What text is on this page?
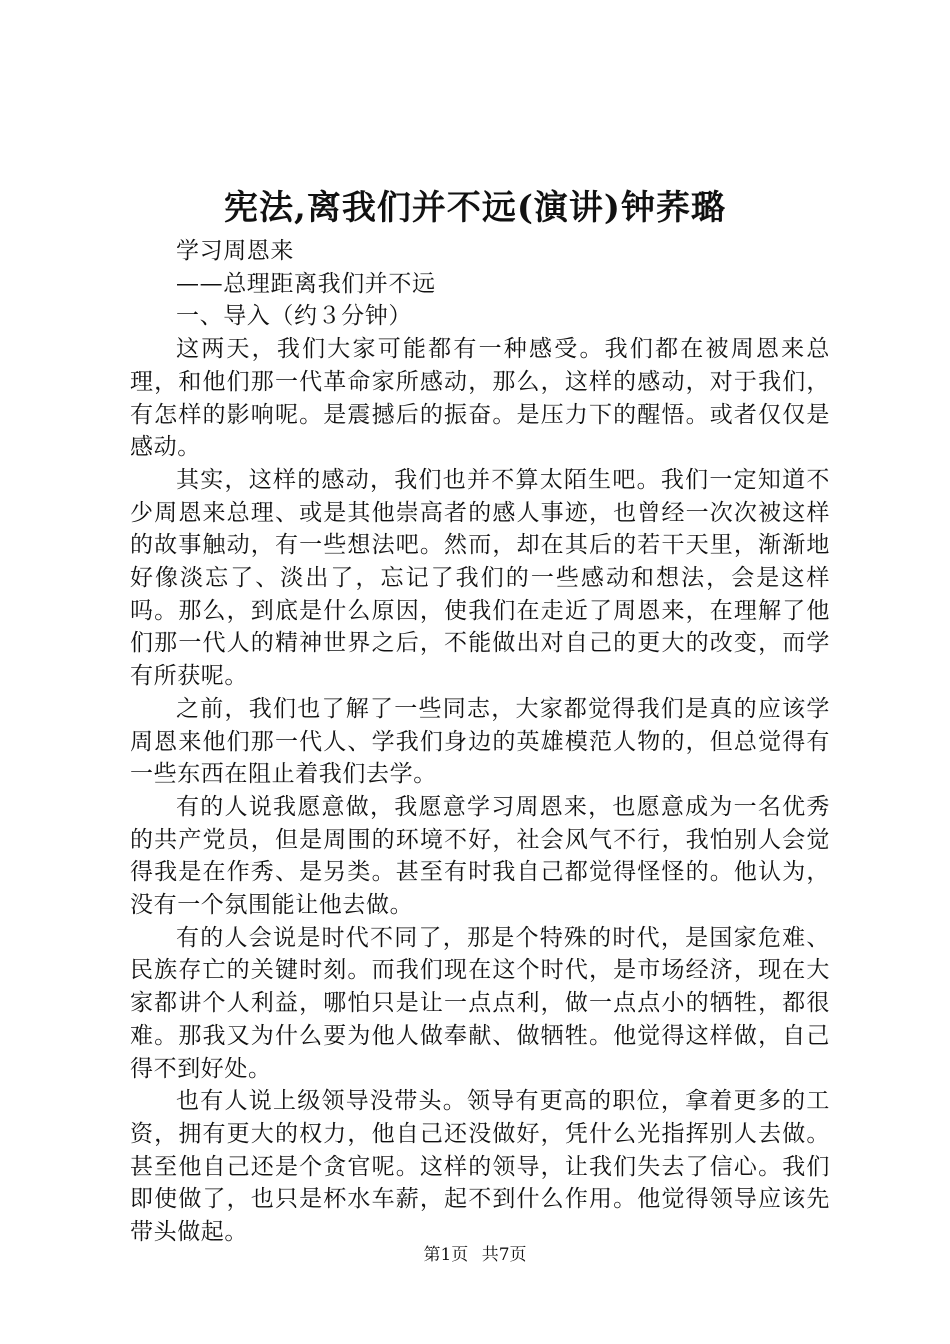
宪法,离我们并不远(演讲)钟荞璐

学习周恩来

——总理距离我们并不远

一、导入（约３分钟）

这两天，我们大家可能都有一种感受。我们都在被周恩来总理，和他们那一代革命家所感动，那么，这样的感动，对于我们，有怎样的影响呢。是震撼后的振奋。是压力下的醒悟。或者仅仅是感动。

其实，这样的感动，我们也并不算太陌生吧。我们一定知道不少周恩来总理、或是其他崇高者的感人事迹，也曾经一次次被这样的故事触动，有一些想法吧。然而，却在其后的若干天里，渐渐地好像淡忘了、淡出了，忘记了我们的一些感动和想法，会是这样吗。那么，到底是什么原因，使我们在走近了周恩来，在理解了他们那一代人的精神世界之后，不能做出对自己的更大的改变，而学有所获呢。

之前，我们也了解了一些同志，大家都觉得我们是真的应该学周恩来他们那一代人、学我们身边的英雄模范人物的，但总觉得有一些东西在阻止着我们去学。

有的人说我愿意做，我愿意学习周恩来，也愿意成为一名优秀的共产党员，但是周围的环境不好，社会风气不行，我怕别人会觉得我是在作秀、是另类。甚至有时我自己都觉得怪怪的。他认为，没有一个氛围能让他去做。

有的人会说是时代不同了，那是个特殊的时代，是国家危难、民族存亡的关键时刻。而我们现在这个时代，是市场经济，现在大家都讲个人利益，哪怕只是让一点点利，做一点点小的牺牲，都很难。那我又为什么要为他人做奉献、做牺牲。他觉得这样做，自己得不到好处。

也有人说上级领导没带头。领导有更高的职位，拿着更多的工资，拥有更大的权力，他自己还没做好，凭什么光指挥别人去做。甚至他自己还是个贪官呢。这样的领导，让我们失去了信心。我们即使做了，也只是杯水车薪，起不到什么作用。他觉得领导应该先带头做起。

第1页 共7页
